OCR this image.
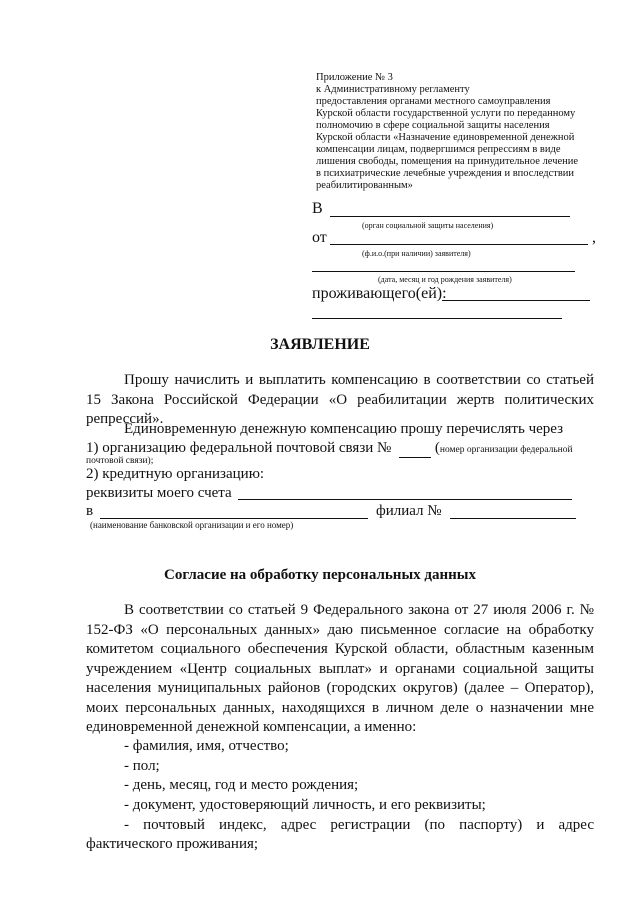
Приложение № 3
к Административному регламенту
предоставления органами местного самоуправления
Курской области государственной услуги по переданному
полномочию в сфере социальной защиты населения
Курской области «Назначение единовременной денежной
компенсации лицам, подвергшимся репрессиям в виде
лишения свободы, помещения на принудительное лечение
в психиатрические лечебные учреждения и впоследствии
реабилитированным»
В
(орган социальной защиты населения)
от	,
(ф.и.о.(при наличии) заявителя)
(дата, месяц и год рождения заявителя)
проживающего(ей):
ЗАЯВЛЕНИЕ
Прошу начислить и выплатить компенсацию в соответствии со статьей 15 Закона Российской Федерации «О реабилитации жертв политических репрессий».
Единовременную денежную компенсацию прошу перечислять через
1) организацию федеральной почтовой связи №	(номер организации федеральной
почтовой связи);
2) кредитную организацию:
реквизиты моего счета
в	филиал №
(наименование банковской организации и его номер)
Согласие на обработку персональных данных
В соответствии со статьей 9 Федерального закона от 27 июля 2006 г. №
152-ФЗ «О персональных данных» даю письменное согласие на обработку
комитетом социального обеспечения Курской области, областным казенным
учреждением «Центр социальных выплат» и органами социальной защиты
населения муниципальных районов (городских округов) (далее – Оператор),
моих персональных данных, находящихся в личном деле о назначении мне
единовременной денежной компенсации, а именно:
- фамилия, имя, отчество;
- пол;
- день, месяц, год и место рождения;
- документ, удостоверяющий личность, и его реквизиты;
- почтовый индекс, адрес регистрации (по паспорту) и адрес
фактического проживания;
